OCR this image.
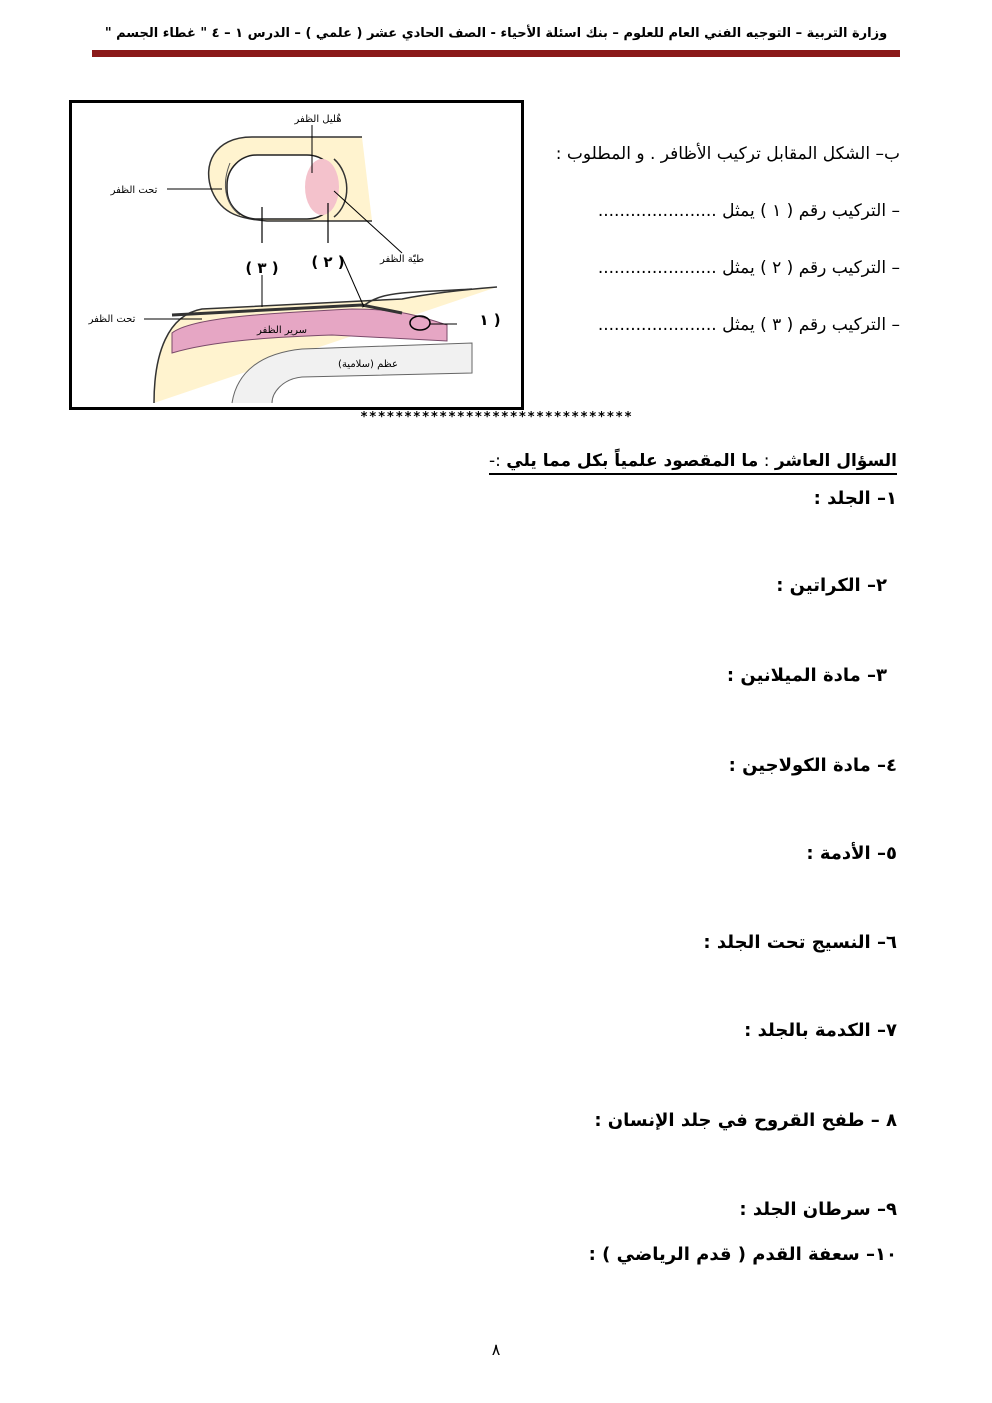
وزارة التربية – التوجيه الفني العام للعلوم – بنك اسئلة الأحياء - الصف الحادي عشر ( علمي ) – الدرس ١ – ٤ " غطاء الجسم "
هٌليل الظفر
تحت الظفر
طيّة الظفر
( ٣ ) ( ٢ )
تحت الظفر
سرير الظفر
عظم (سلامية)
١ )
ب– الشكل المقابل تركيب الأظافر . و المطلوب :
– التركيب رقم ( ١ ) يمثل ......................
– التركيب رقم ( ٢ ) يمثل ......................
– التركيب رقم ( ٣ ) يمثل ......................
*******************************
السؤال العاشر : ما المقصود علمياً بكل مما يلي :-
١– الجلد :
٢– الكراتين :
٣– مادة الميلانين :
٤– مادة الكولاجين :
٥– الأدمة :
٦– النسيج تحت الجلد :
٧– الكدمة بالجلد :
٨ – طفح القروح في جلد الإنسان :
٩– سرطان الجلد :
١٠– سعفة القدم ( قدم الرياضي ) :
٨
